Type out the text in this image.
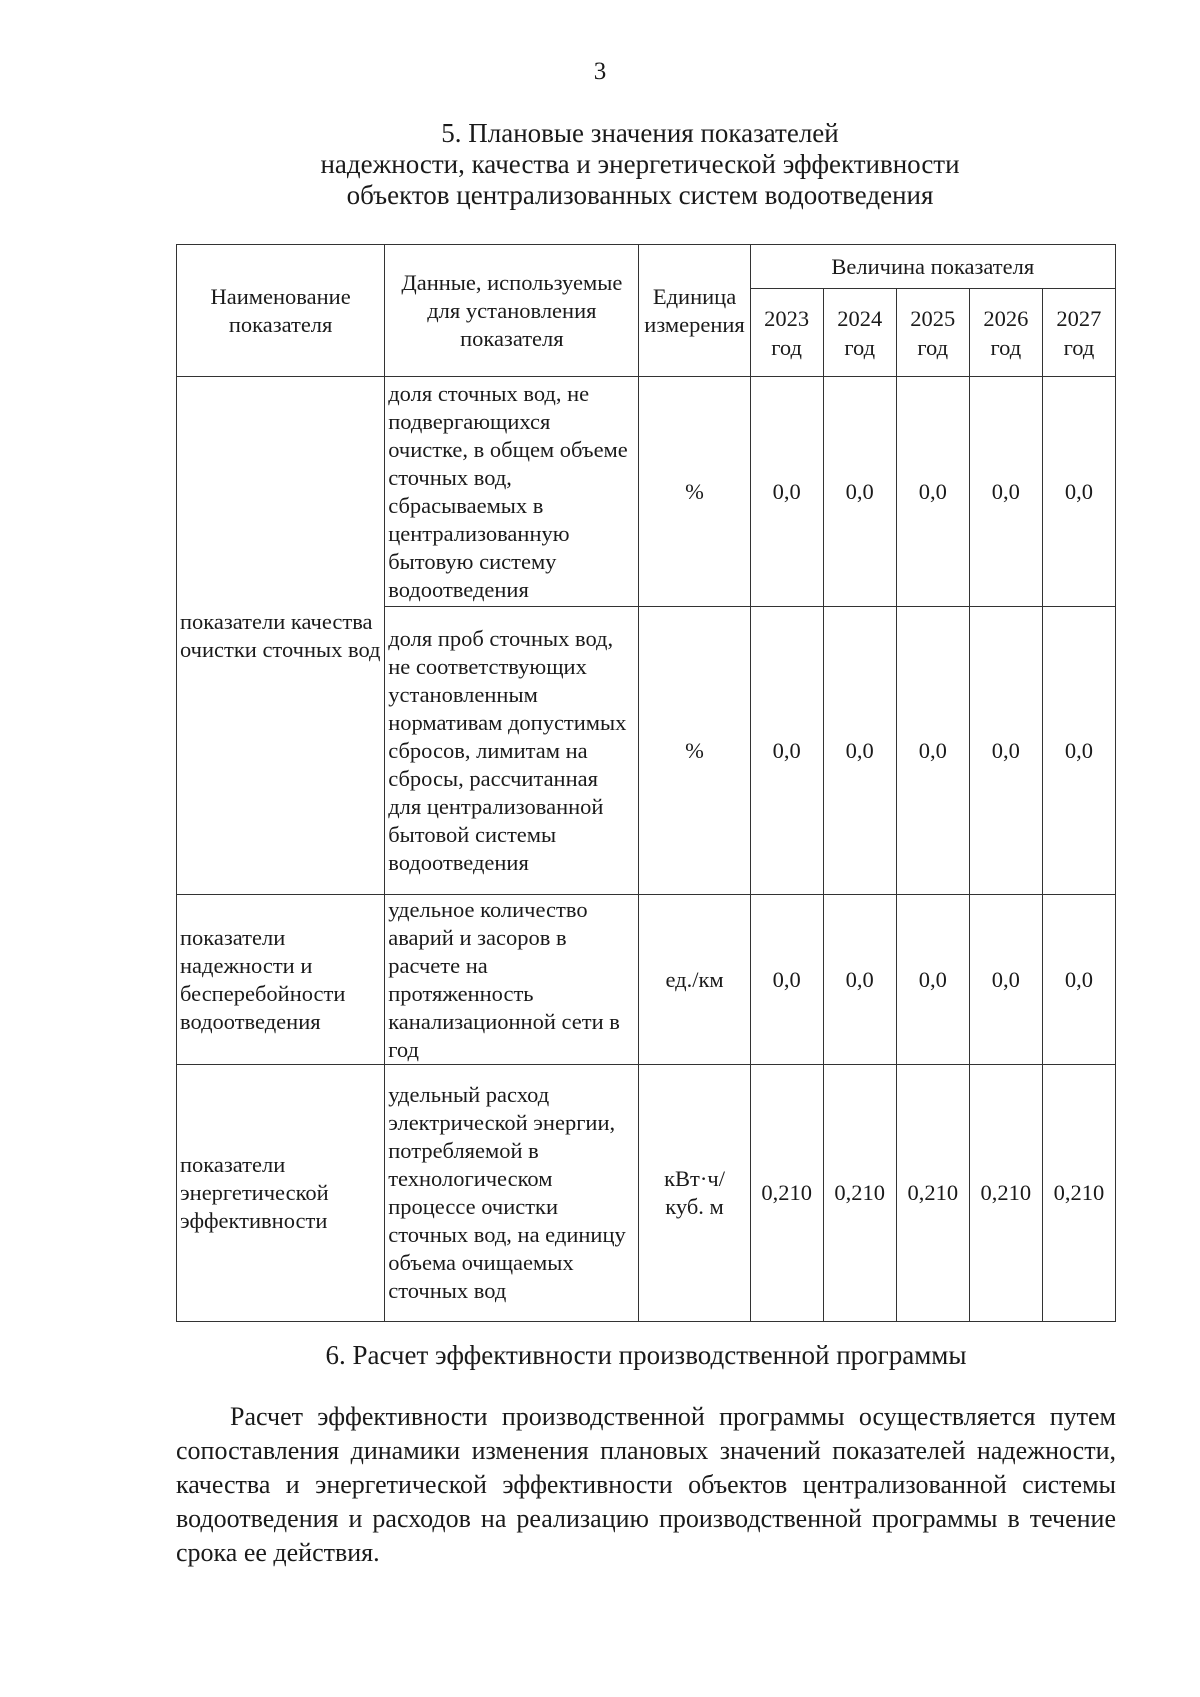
3
5. Плановые значения показателей
надежности, качества и энергетической эффективности
объектов централизованных систем водоотведения
Наименование показателя	Данные, используемые для установления показателя	Единица измерения	Величина показателя				
			2023 год	2024 год	2025 год	2026 год	2027 год
показатели качества очистки сточных вод	доля сточных вод, не подвергающихся очистке, в общем объеме сточных вод, сбрасываемых в централизованную бытовую систему водоотведения	%	0,0	0,0	0,0	0,0	0,0
	доля проб сточных вод, не соответствующих установленным нормативам допустимых сбросов, лимитам на сбросы, рассчитанная для централизованной бытовой системы водоотведения	%	0,0	0,0	0,0	0,0	0,0
показатели надежности и бесперебойности водоотведения	удельное количество аварий и засоров в расчете на протяженность канализационной сети в год	ед./км	0,0	0,0	0,0	0,0	0,0
показатели энергетической эффективности	удельный расход электрической энергии, потребляемой в технологическом процессе очистки сточных вод, на единицу объема очищаемых сточных вод	кВт·ч/ куб. м	0,210	0,210	0,210	0,210	0,210
6. Расчет эффективности производственной программы
Расчет эффективности производственной программы осуществляется путем сопоставления динамики изменения плановых значений показателей надежности, качества и энергетической эффективности объектов централизованной системы водоотведения и расходов на реализацию производственной программы в течение срока ее действия.
